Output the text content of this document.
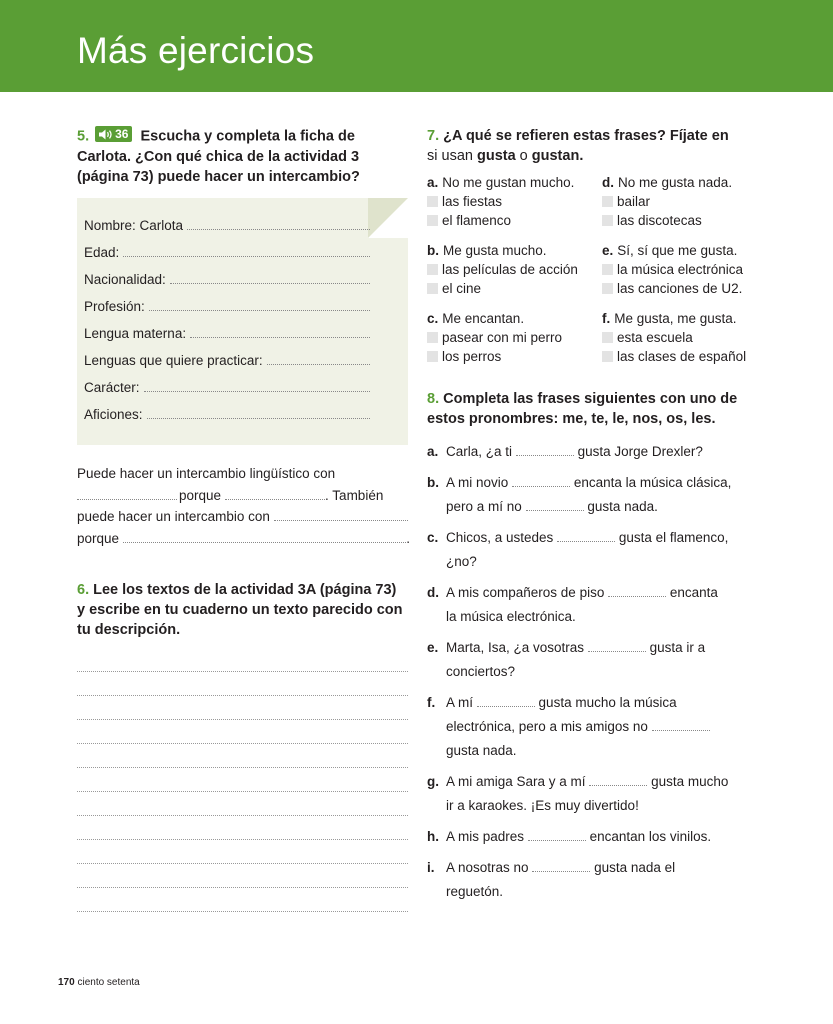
Más ejercicios
5. 36 Escucha y completa la ficha de
Carlota. ¿Con qué chica de la actividad 3
(página 73) puede hacer un intercambio?
Nombre: Carlota
Edad:
Nacionalidad:
Profesión:
Lengua materna:
Lenguas que quiere practicar:
Carácter:
Aficiones:
Puede hacer un intercambio lingüístico con
porque	. También
puede hacer un intercambio con
porque	.
6. Lee los textos de la actividad 3A (página 73)
y escribe en tu cuaderno un texto parecido con
tu descripción.
7. ¿A qué se refieren estas frases? Fíjate en
si usan gusta o gustan.
a. No me gustan mucho.
las fiestas
el flamenco
d. No me gusta nada.
bailar
las discotecas
b. Me gusta mucho.
las películas de acción
el cine
e. Sí, sí que me gusta.
la música electrónica
las canciones de U2.
c. Me encantan.
pasear con mi perro
los perros
f. Me gusta, me gusta.
esta escuela
las clases de español
8. Completa las frases siguientes con uno de
estos pronombres: me, te, le, nos, os, les.
a. Carla, ¿a ti	gusta Jorge Drexler?
b. A mi novio	encanta la música clásica,
pero a mí no	gusta nada.
c. Chicos, a ustedes	gusta el flamenco,
¿no?
d. A mis compañeros de piso	encanta
la música electrónica.
e. Marta, Isa, ¿a vosotras	gusta ir a
conciertos?
f. A mí	gusta mucho la música
electrónica, pero a mis amigos no
gusta nada.
g. A mi amiga Sara y a mí	gusta mucho
ir a karaokes. ¡Es muy divertido!
h. A mis padres	encantan los vinilos.
i. A nosotras no	gusta nada el
reguetón.
170 ciento setenta
